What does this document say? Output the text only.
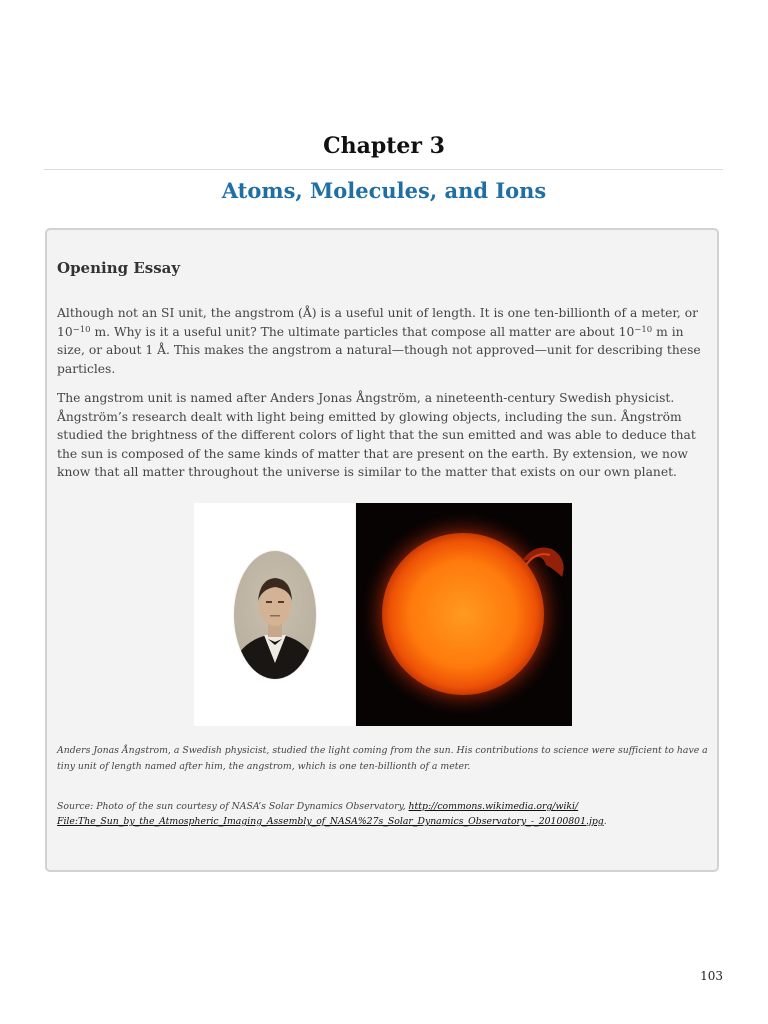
Chapter 3
Atoms, Molecules, and Ions
Opening Essay

Although not an SI unit, the angstrom (Å) is a useful unit of length. It is one ten-billionth of a meter, or $10^{-10}$ m. Why is it a useful unit? The ultimate particles that compose all matter are about $10^{-10}$ m in size, or about 1 Å. This makes the angstrom a natural—though not approved—unit for describing these particles.

The angstrom unit is named after Anders Jonas Ångström, a nineteenth-century Swedish physicist. Ångström’s research dealt with light being emitted by glowing objects, including the sun. Ångström studied the brightness of the different colors of light that the sun emitted and was able to deduce that the sun is composed of the same kinds of matter that are present on the earth. By extension, we now know that all matter throughout the universe is similar to the matter that exists on our own planet.

Anders Jonas Ångstrom, a Swedish physicist, studied the light coming from the sun. His contributions to science were sufficient to have a tiny unit of length named after him, the angstrom, which is one ten-billionth of a meter.

Source: Photo of the sun courtesy of NASA’s Solar Dynamics Observatory, http://commons.wikimedia.org/wiki/ File:The_Sun_by_the_Atmospheric_Imaging_Assembly_of_NASA%27s_Solar_Dynamics_Observatory_-_20100801.jpg.

103
